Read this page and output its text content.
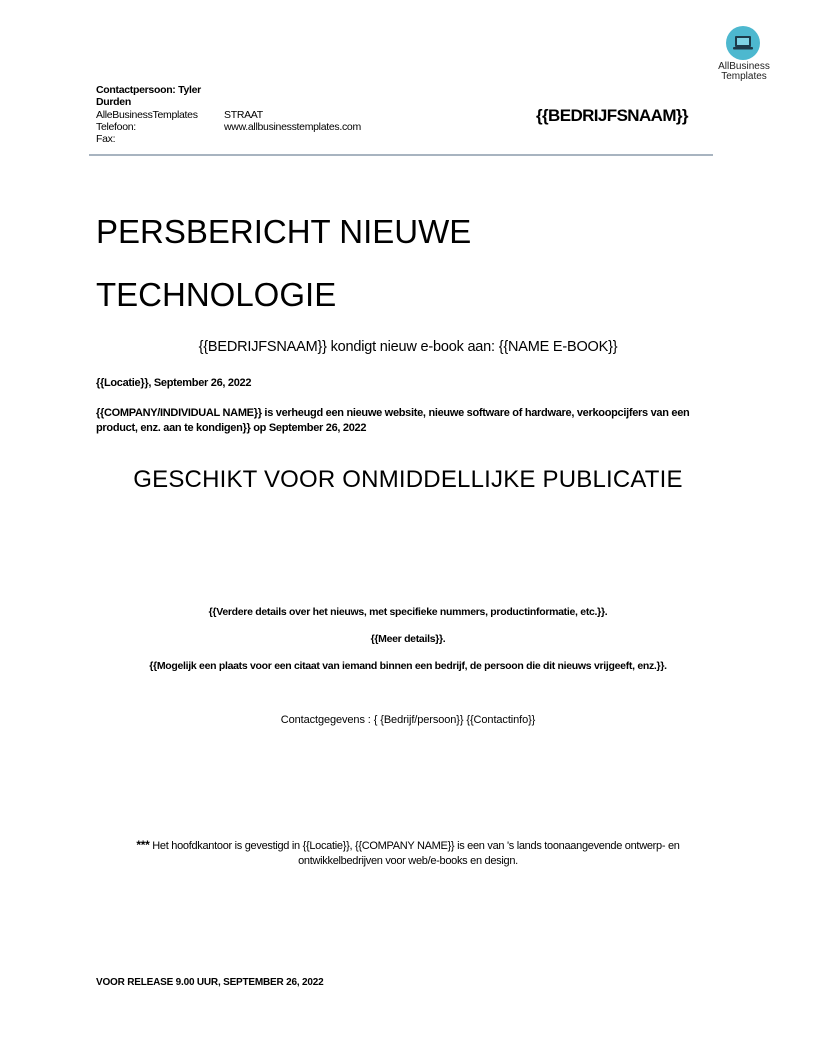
AllBusiness
Templates
Contactpersoon: Tyler Durden
AlleBusinessTemplates
Telefoon:
Fax:
STRAAT
www.allbusinesstemplates.com
{{BEDRIJFSNAAM}}
PERSBERICHT NIEUWE
TECHNOLOGIE
{{BEDRIJFSNAAM}} kondigt nieuw e-book aan: {{NAME E-BOOK}}
{{Locatie}}, September 26, 2022
{{COMPANY/INDIVIDUAL NAME}} is verheugd een nieuwe website, nieuwe software of hardware, verkoopcijfers van een product, enz. aan te kondigen}} op September 26, 2022
GESCHIKT VOOR ONMIDDELLIJKE PUBLICATIE
{{Verdere details over het nieuws, met specifieke nummers, productinformatie, etc.}}.
{{Meer details}}.
{{Mogelijk een plaats voor een citaat van iemand binnen een bedrijf, de persoon die dit nieuws vrijgeeft, enz.}}.
Contactgegevens : { {Bedrijf/persoon}} {{Contactinfo}}
*** Het hoofdkantoor is gevestigd in {{Locatie}}, {{COMPANY NAME}} is een van 's lands toonaangevende ontwerp- en ontwikkelbedrijven voor web/e-books en design.
VOOR RELEASE 9.00 UUR, SEPTEMBER 26, 2022
